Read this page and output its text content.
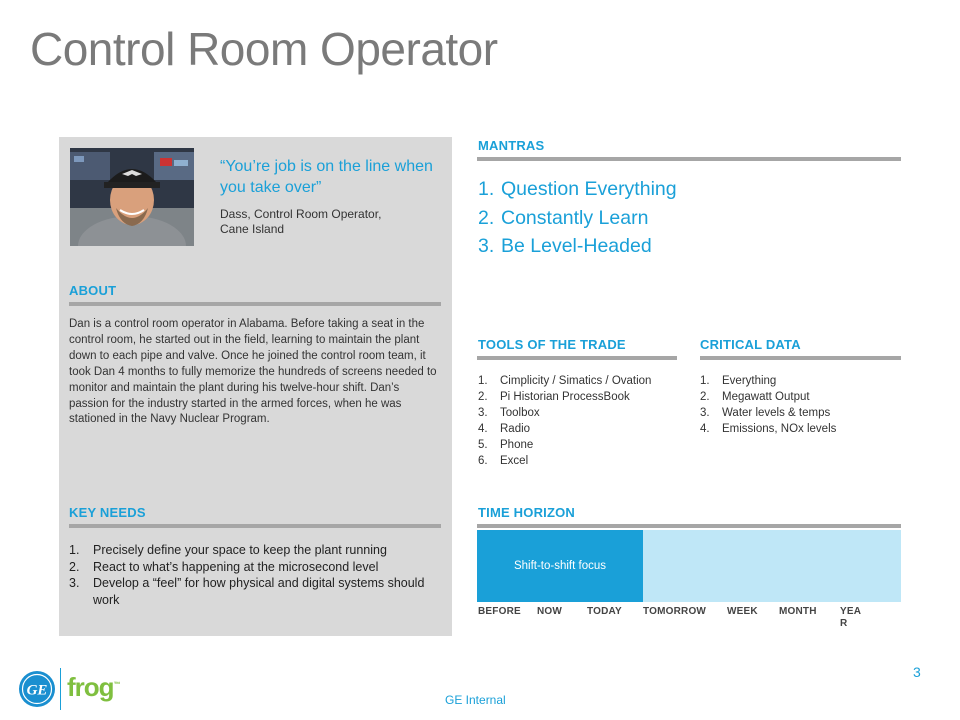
Control Room Operator
“You’re job is on the line when you take over”
Dass, Control Room Operator,
Cane Island
ABOUT
Dan is a control room operator in Alabama. Before taking a seat in the control room, he started out in the field, learning to maintain the plant down to each pipe and valve. Once he joined the control room team, it took Dan 4 months to fully memorize the hundreds of screens needed to monitor and maintain the plant during his twelve-hour shift. Dan’s passion for the industry started in the armed forces, when he was stationed in the Navy Nuclear Program.
KEY NEEDS
1.	Precisely define your space to keep the plant running
2.	React to what’s happening at the microsecond level
3.	Develop a “feel” for how physical and digital systems should work
MANTRAS
1. Question Everything
2. Constantly Learn
3. Be Level-Headed
TOOLS OF THE TRADE
1.	Cimplicity / Simatics / Ovation
2.	Pi Historian ProcessBook
3.	Toolbox
4.	Radio
5.	Phone
6.	Excel
CRITICAL DATA
1.	Everything
2.	Megawatt Output
3.	Water levels & temps
4.	Emissions, NOx levels
TIME HORIZON
Shift-to-shift focus
BEFORE NOW TODAY TOMORROW WEEK MONTH YEAR
3
GE Internal
GE frog™
